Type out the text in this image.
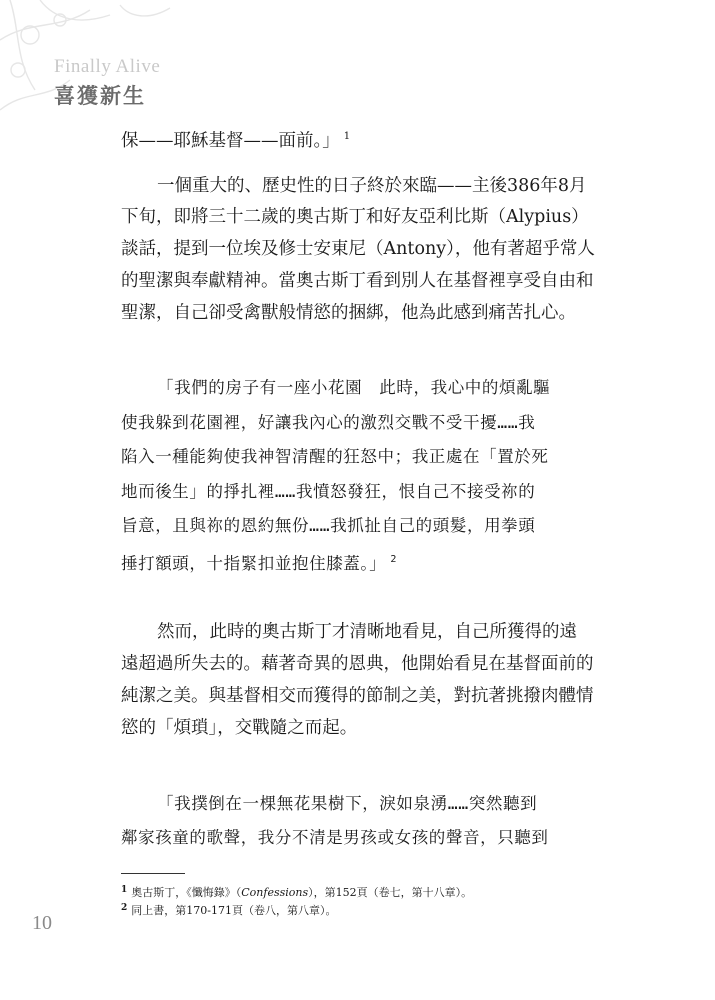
Finally Alive
喜獲新生
保——耶穌基督——面前。」 $^1$
一個重大的、歷史性的日子終於來臨——主後386年8月
下旬，即將三十二歲的奧古斯丁和好友亞利比斯（Alypius）
談話，提到一位埃及修士安東尼（Antony），他有著超乎常人
的聖潔與奉獻精神。當奧古斯丁看到別人在基督裡享受自由和
聖潔，自己卻受禽獸般情慾的捆綁，他為此感到痛苦扎心。
「我們的房子有一座小花園　此時，我心中的煩亂驅
使我躲到花園裡，好讓我內心的激烈交戰不受干擾……我
陷入一種能夠使我神智清醒的狂怒中；我正處在「置於死
地而後生」的掙扎裡……我憤怒發狂，恨自己不接受祢的
旨意，且與祢的恩約無份……我抓扯自己的頭髮，用拳頭
捶打額頭，十指緊扣並抱住膝蓋。」 $^2$
然而，此時的奧古斯丁才清晰地看見，自己所獲得的遠
遠超過所失去的。藉著奇異的恩典，他開始看見在基督面前的
純潔之美。與基督相交而獲得的節制之美，對抗著挑撥肉體情
慾的「煩瑣」，交戰隨之而起。
「我撲倒在一棵無花果樹下，淚如泉湧……突然聽到
鄰家孩童的歌聲，我分不清是男孩或女孩的聲音，只聽到
$^1$ 奧古斯丁，《懺悔錄》（Confessions），第152頁（卷七，第十八章）。
$^2$ 同上書，第170-171頁（卷八，第八章）。
10
